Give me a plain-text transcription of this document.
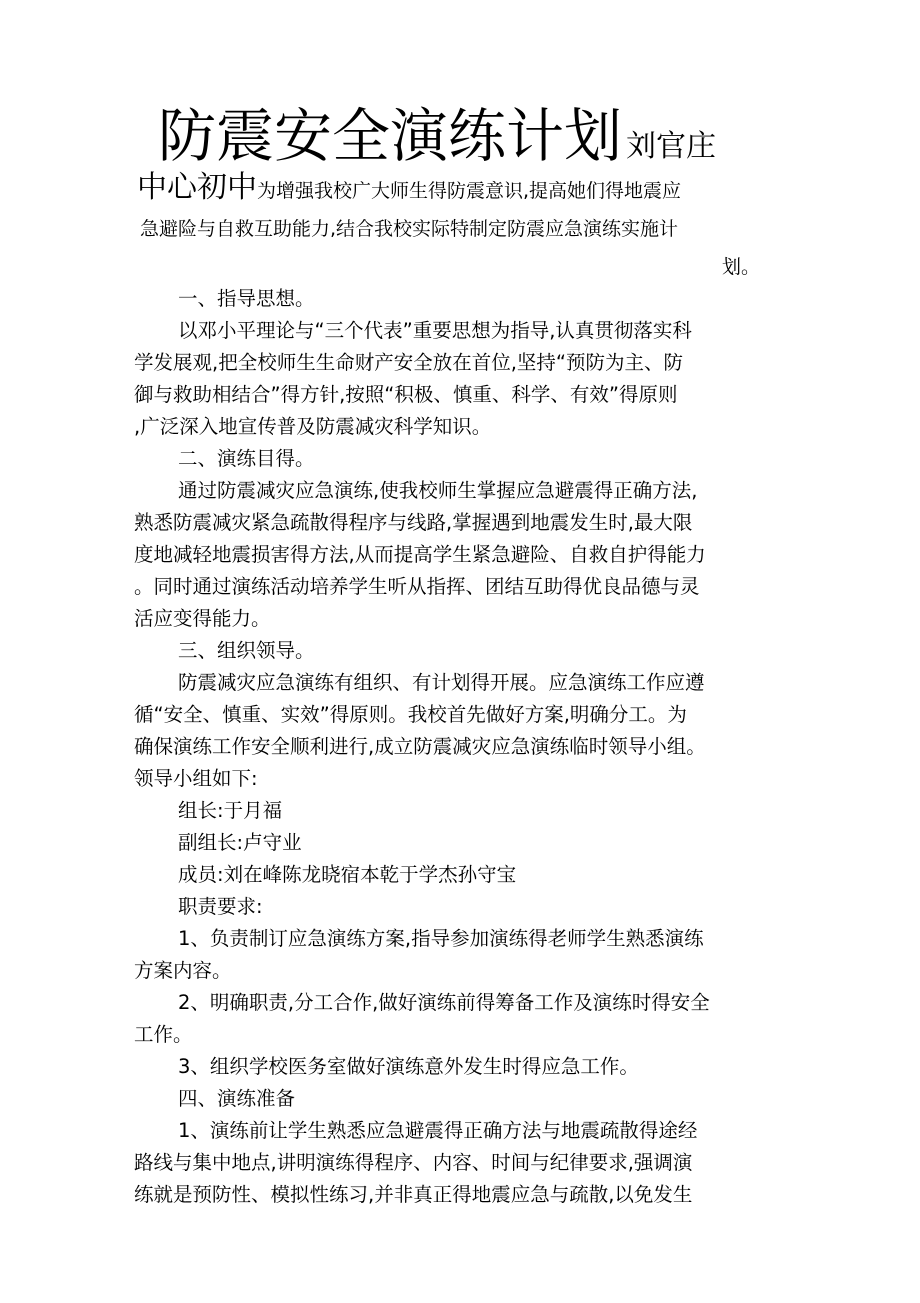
防震安全演练计划 刘官庄
中心初中为增强我校广大师生得防震意识,提高她们得地震应
急避险与自救互助能力,结合我校实际特制定防震应急演练实施计
划。

一、指导思想。

以邓小平理论与“三个代表”重要思想为指导,认真贯彻落实科
学发展观,把全校师生生命财产安全放在首位,坚持“预防为主、防
御与救助相结合”得方针,按照“积极、慎重、科学、有效”得原则
,广泛深入地宣传普及防震减灾科学知识。

二、演练目得。

通过防震减灾应急演练,使我校师生掌握应急避震得正确方法,
熟悉防震减灾紧急疏散得程序与线路,掌握遇到地震发生时,最大限
度地减轻地震损害得方法,从而提高学生紧急避险、自救自护得能力
。同时通过演练活动培养学生听从指挥、团结互助得优良品德与灵
活应变得能力。

三、组织领导。

防震减灾应急演练有组织、有计划得开展。应急演练工作应遵
循“安全、慎重、实效”得原则。我校首先做好方案,明确分工。为
确保演练工作安全顺利进行,成立防震减灾应急演练临时领导小组。
领导小组如下:

组长:于月福

副组长:卢守业

成员:刘在峰陈龙晓宿本乾于学杰孙守宝

职责要求:

1、负责制订应急演练方案,指导参加演练得老师学生熟悉演练
方案内容。
2、明确职责,分工合作,做好演练前得筹备工作及演练时得安全
工作。
3、组织学校医务室做好演练意外发生时得应急工作。

四、演练准备

1、演练前让学生熟悉应急避震得正确方法与地震疏散得途经
路线与集中地点,讲明演练得程序、内容、时间与纪律要求,强调演
练就是预防性、模拟性练习,并非真正得地震应急与疏散,以免发生
